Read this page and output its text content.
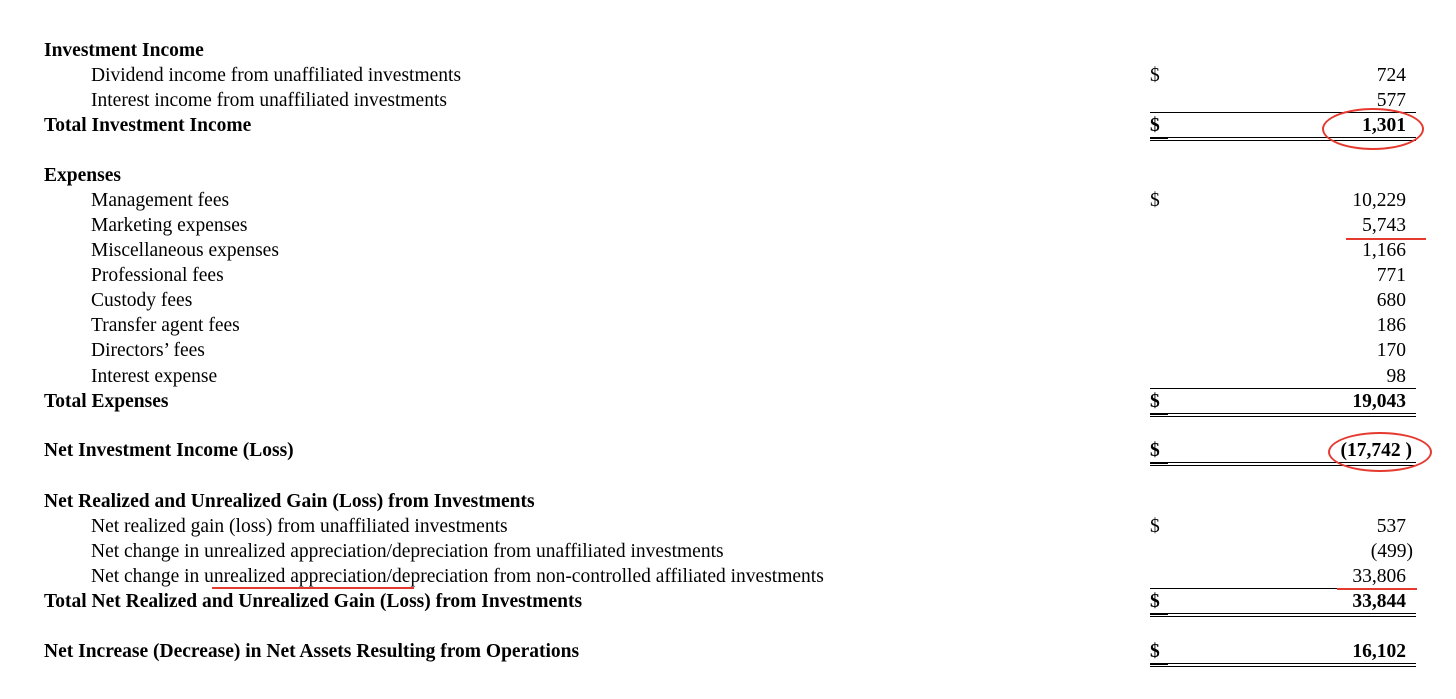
Investment Income
Dividend income from unaffiliated investments	$	724
Interest income from unaffiliated investments	577
Total Investment Income	$	1,301
Expenses
Management fees	$	10,229
Marketing expenses	5,743
Miscellaneous expenses	1,166
Professional fees	771
Custody fees	680
Transfer agent fees	186
Directors’ fees	170
Interest expense	98
Total Expenses	$	19,043
Net Investment Income (Loss)	$	(17,742 )
Net Realized and Unrealized Gain (Loss) from Investments
Net realized gain (loss) from unaffiliated investments	$	537
Net change in unrealized appreciation/depreciation from unaffiliated investments	(499)
Net change in unrealized appreciation/depreciation from non-controlled affiliated investments	33,806
Total Net Realized and Unrealized Gain (Loss) from Investments	$	33,844
Net Increase (Decrease) in Net Assets Resulting from Operations	$	16,102
